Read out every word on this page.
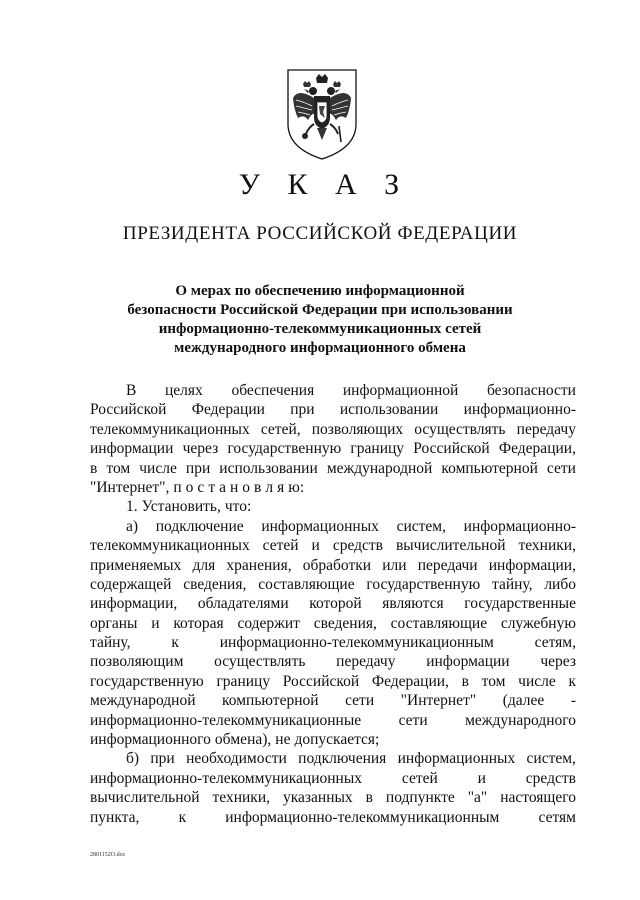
У К А З
ПРЕЗИДЕНТА РОССИЙСКОЙ ФЕДЕРАЦИИ
О мерах по обеспечению информационной
безопасности Российской Федерации при использовании
информационно-телекоммуникационных сетей
международного информационного обмена
В целях обеспечения информационной безопасности
Российской Федерации при использовании информационно-
телекоммуникационных сетей, позволяющих осуществлять передачу
информации через государственную границу Российской Федерации,
в том числе при использовании международной компьютерной сети
"Интернет", п о с т а н о в л я ю:
1. Установить, что:
а) подключение информационных систем, информационно-
телекоммуникационных сетей и средств вычислительной техники,
применяемых для хранения, обработки или передачи информации,
содержащей сведения, составляющие государственную тайну, либо
информации, обладателями которой являются государственные
органы и которая содержит сведения, составляющие служебную
тайну,	к	информационно-телекоммуникационным	сетям,
позволяющим осуществлять передачу информации через
государственную границу Российской Федерации, в том числе к
международной компьютерной сети "Интернет" (далее -
информационно-телекоммуникационные сети международного
информационного обмена), не допускается;
б) при необходимости подключения информационных систем,
информационно-телекоммуникационных	сетей	и	средств
вычислительной техники, указанных в подпункте "а" настоящего
пункта,	к	информационно-телекоммуникационным	сетям
2801152О.doc
